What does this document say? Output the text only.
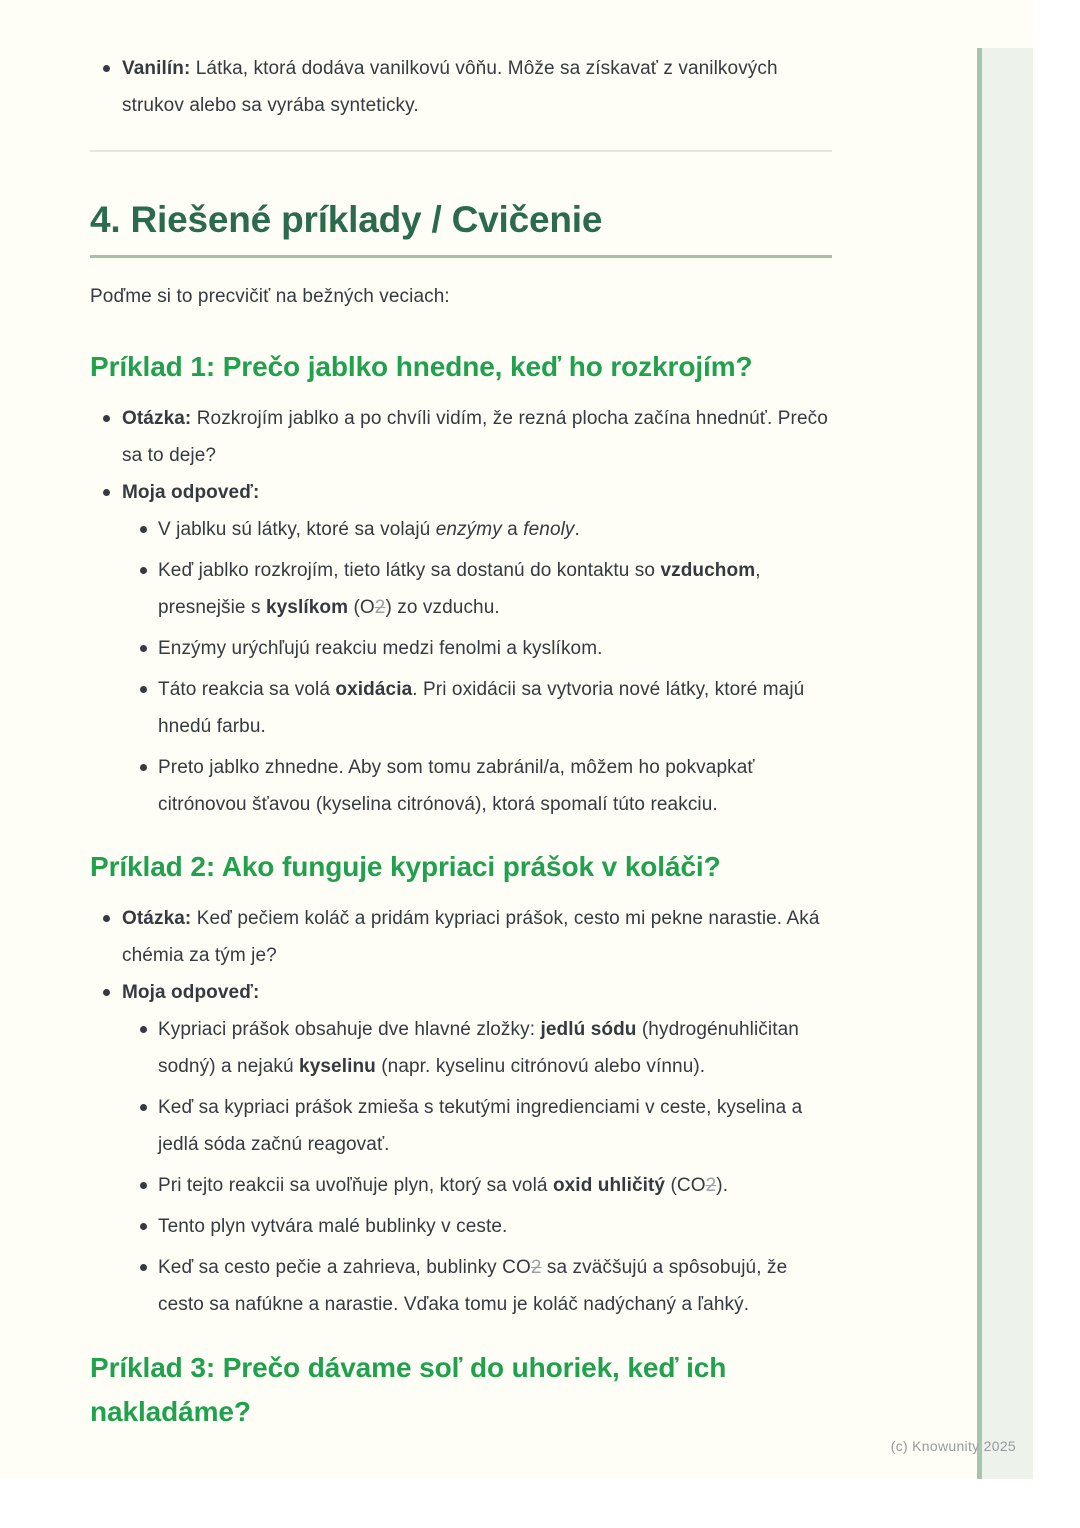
Vanilín: Látka, ktorá dodáva vanilkovú vôňu. Môže sa získavať z vanilkových strukov alebo sa vyrába synteticky.
4. Riešené príklady / Cvičenie

Poďme si to precvičiť na bežných veciach:

Príklad 1: Prečo jablko hnedne, keď ho rozkrojím?
Otázka: Rozkrojím jablko a po chvíli vidím, že rezná plocha začína hnednúť. Prečo sa to deje?
Moja odpoveď:
V jablku sú látky, ktoré sa volajú enzýmy a fenoly.
Keď jablko rozkrojím, tieto látky sa dostanú do kontaktu so vzduchom, presnejšie s kyslíkom (O2) zo vzduchu.
Enzýmy urýchľujú reakciu medzi fenolmi a kyslíkom.
Táto reakcia sa volá oxidácia. Pri oxidácii sa vytvoria nové látky, ktoré majú hnedú farbu.
Preto jablko zhnedne. Aby som tomu zabránil/a, môžem ho pokvapkať citrónovou šťavou (kyselina citrónová), ktorá spomalí túto reakciu.
Príklad 2: Ako funguje kypriaci prášok v koláči?
Otázka: Keď pečiem koláč a pridám kypriaci prášok, cesto mi pekne narastie. Aká chémia za tým je?
Moja odpoveď:
Kypriaci prášok obsahuje dve hlavné zložky: jedlú sódu (hydrogénuhličitan sodný) a nejakú kyselinu (napr. kyselinu citrónovú alebo vínnu).
Keď sa kypriaci prášok zmieša s tekutými ingredienciami v ceste, kyselina a jedlá sóda začnú reagovať.
Pri tejto reakcii sa uvoľňuje plyn, ktorý sa volá oxid uhličitý (CO2).
Tento plyn vytvára malé bublinky v ceste.
Keď sa cesto pečie a zahrieva, bublinky CO2 sa zväčšujú a spôsobujú, že cesto sa nafúkne a narastie. Vďaka tomu je koláč nadýchaný a ľahký.
Príklad 3: Prečo dávame soľ do uhoriek, keď ich nakladáme?
(c) Knowunity 2025
